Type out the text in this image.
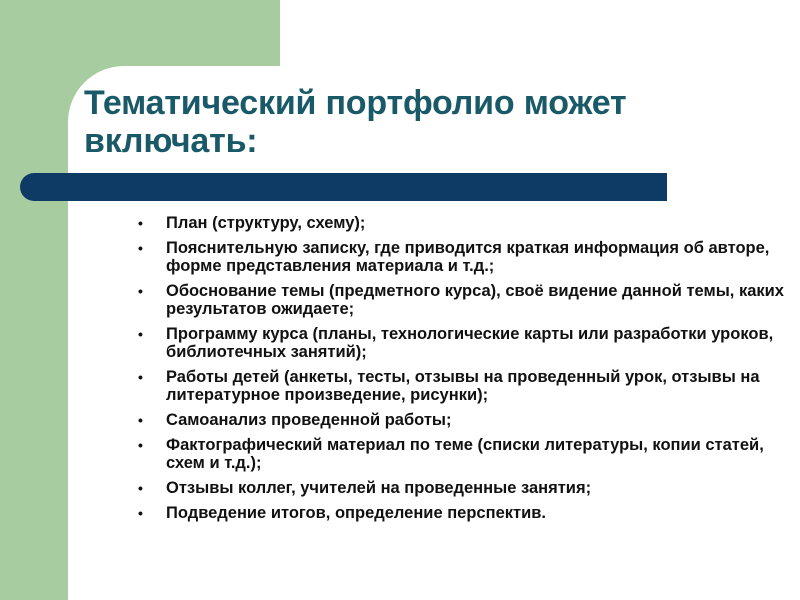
Тематический портфолио может включать:
• План (структуру, схему);
• Пояснительную записку, где приводится краткая информация об авторе, форме представления материала и т.д.;
• Обоснование темы (предметного курса), своё видение данной темы, каких результатов ожидаете;
• Программу курса (планы, технологические карты или разработки уроков, библиотечных занятий);
• Работы детей (анкеты, тесты, отзывы на проведенный урок, отзывы на литературное произведение, рисунки);
• Самоанализ проведенной работы;
• Фактографический материал по теме (списки литературы, копии статей, схем и т.д.);
• Отзывы коллег, учителей на проведенные занятия;
• Подведение итогов, определение перспектив.
